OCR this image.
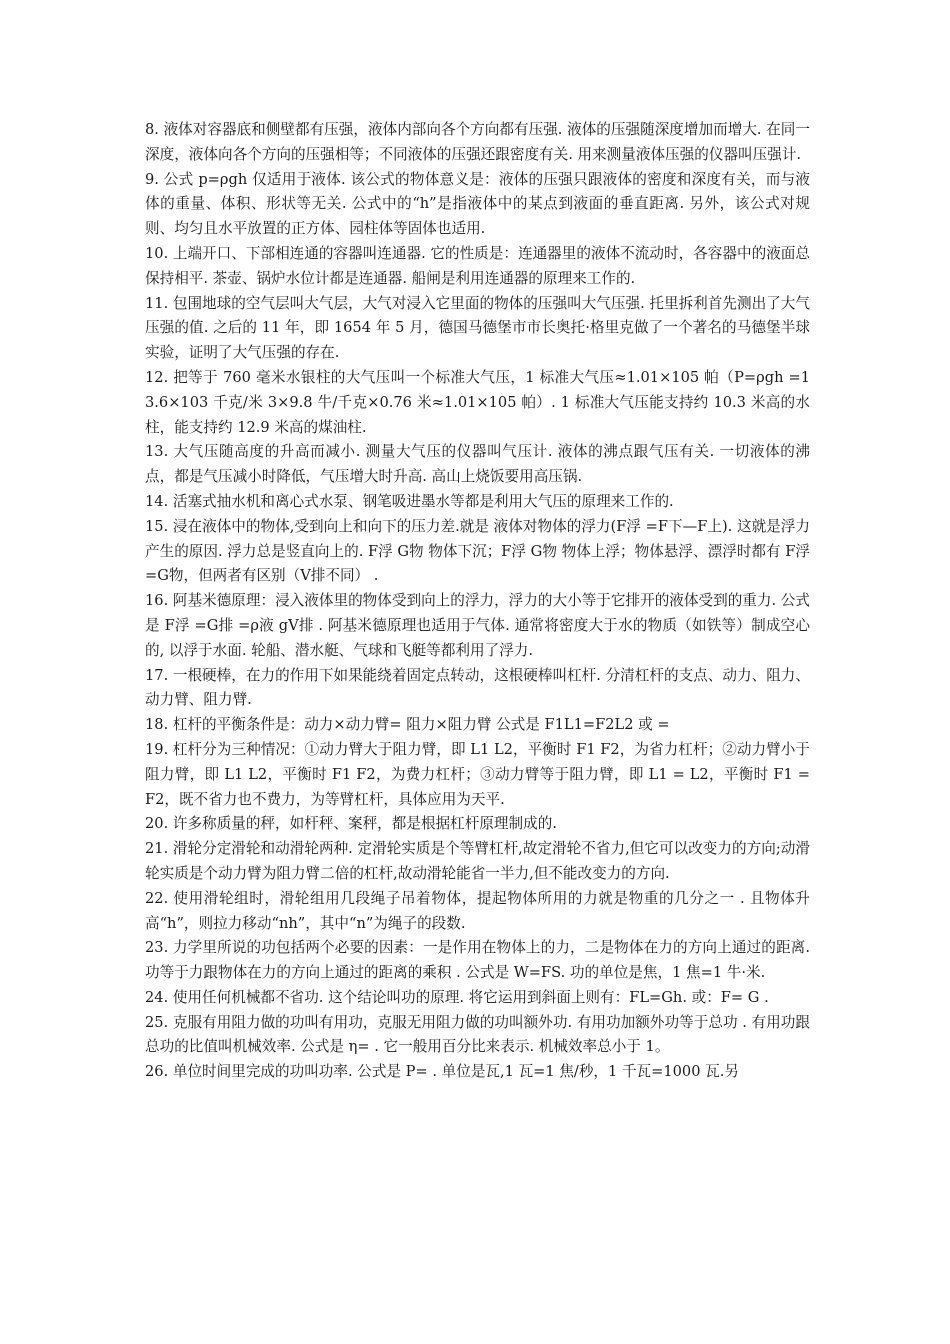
8. 液体对容器底和侧壁都有压强，液体内部向各个方向都有压强. 液体的压强随深度增加而增大. 在同一深度，液体向各个方向的压强相等；不同液体的压强还跟密度有关. 用来测量液体压强的仪器叫压强计.

9. 公式 p=ρgh 仅适用于液体. 该公式的物体意义是：液体的压强只跟液体的密度和深度有关，而与液体的重量、体积、形状等无关. 公式中的“h”是指液体中的某点到液面的垂直距离. 另外，该公式对规则、均匀且水平放置的正方体、园柱体等固体也适用.

10. 上端开口、下部相连通的容器叫连通器. 它的性质是：连通器里的液体不流动时，各容器中的液面总保持相平. 茶壶、锅炉水位计都是连通器. 船闸是利用连通器的原理来工作的.

11. 包围地球的空气层叫大气层，大气对浸入它里面的物体的压强叫大气压强. 托里拆利首先测出了大气压强的值. 之后的 11 年，即 1654 年 5 月，德国马德堡市市长奥托·格里克做了一个著名的马德堡半球实验，证明了大气压强的存在.

12. 把等于 760 毫米水银柱的大气压叫一个标准大气压，1 标准大气压≈1.01×105 帕（P=ρgh =13.6×103 千克/米 3×9.8 牛/千克×0.76 米≈1.01×105 帕）. 1 标准大气压能支持约 10.3 米高的水柱，能支持约 12.9 米高的煤油柱.

13. 大气压随高度的升高而减小. 测量大气压的仪器叫气压计. 液体的沸点跟气压有关. 一切液体的沸点，都是气压减小时降低，气压增大时升高. 高山上烧饭要用高压锅.

14. 活塞式抽水机和离心式水泵、钢笔吸进墨水等都是利用大气压的原理来工作的.

15. 浸在液体中的物体,受到向上和向下的压力差.就是 液体对物体的浮力(F浮 =F下—F上). 这就是浮力产生的原因. 浮力总是竖直向上的. F浮 G物 物体下沉；F浮 G物 物体上浮；物体悬浮、漂浮时都有 F浮 =G物，但两者有区别（V排不同） .

16. 阿基米德原理：浸入液体里的物体受到向上的浮力，浮力的大小等于它排开的液体受到的重力. 公式是 F浮 =G排 =ρ液 gV排 . 阿基米德原理也适用于气体. 通常将密度大于水的物质（如铁等）制成空心的, 以浮于水面. 轮船、潜水艇、气球和飞艇等都利用了浮力.

17. 一根硬棒，在力的作用下如果能绕着固定点转动，这根硬棒叫杠杆. 分清杠杆的支点、动力、阻力、动力臂、阻力臂.

18. 杠杆的平衡条件是：动力×动力臂= 阻力×阻力臂 公式是 F1L1=F2L2 或 =

19. 杠杆分为三种情况：①动力臂大于阻力臂，即 L1 L2，平衡时 F1 F2，为省力杠杆；②动力臂小于阻力臂，即 L1 L2，平衡时 F1 F2，为费力杠杆；③动力臂等于阻力臂，即 L1 = L2，平衡时 F1 = F2，既不省力也不费力，为等臂杠杆，具体应用为天平.

20. 许多称质量的秤，如杆秤、案秤，都是根据杠杆原理制成的.

21. 滑轮分定滑轮和动滑轮两种. 定滑轮实质是个等臂杠杆,故定滑轮不省力,但它可以改变力的方向;动滑轮实质是个动力臂为阻力臂二倍的杠杆,故动滑轮能省一半力,但不能改变力的方向.

22. 使用滑轮组时，滑轮组用几段绳子吊着物体，提起物体所用的力就是物重的几分之一 . 且物体升高“h”，则拉力移动“nh”，其中“n”为绳子的段数.

23. 力学里所说的功包括两个必要的因素：一是作用在物体上的力，二是物体在力的方向上通过的距离. 功等于力跟物体在力的方向上通过的距离的乘积 . 公式是 W=FS. 功的单位是焦，1 焦=1 牛·米.

24. 使用任何机械都不省功. 这个结论叫功的原理. 将它运用到斜面上则有：FL=Gh. 或：F= G .

25. 克服有用阻力做的功叫有用功，克服无用阻力做的功叫额外功. 有用功加额外功等于总功 . 有用功跟总功的比值叫机械效率. 公式是 η= . 它一般用百分比来表示. 机械效率总小于 1。

26. 单位时间里完成的功叫功率. 公式是 P= . 单位是瓦,1 瓦=1 焦/秒，1 千瓦=1000 瓦.另
